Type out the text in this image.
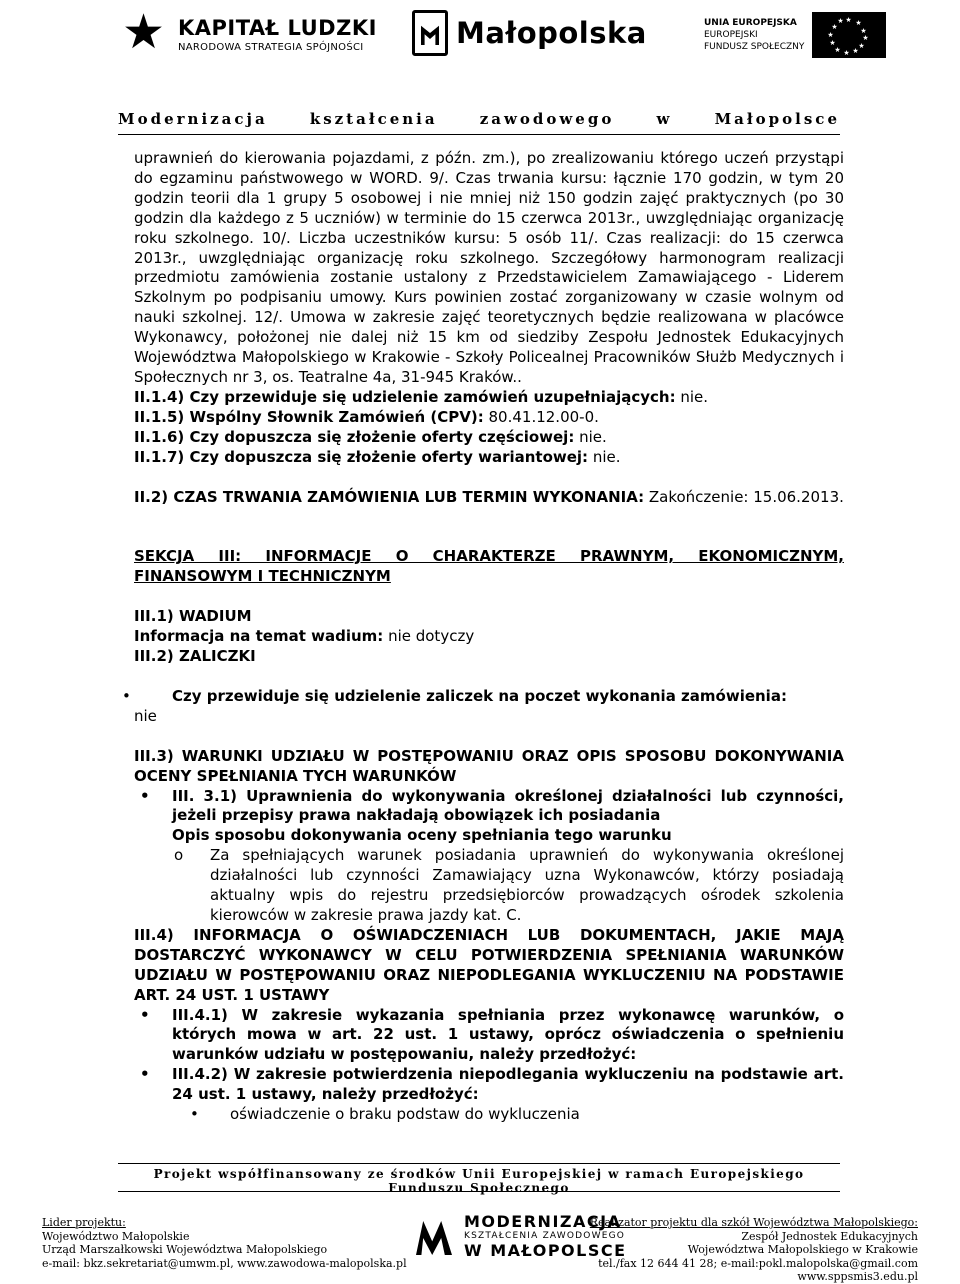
★ KAPITAŁ LUDZKI
NARODOWA STRATEGIA SPÓJNOŚCI	Małopolska	UNIA EUROPEJSKA
EUROPEJSKI
FUNDUSZ SPOŁECZNY
★ ★
★
★
★
★
★
★
★
★
★
★
Modernizacja kształcenia zawodowego w Małopolsce

uprawnień do kierowania pojazdami, z późn. zm.), po zrealizowaniu którego uczeń przystąpi do egzaminu państwowego w WORD. 9/. Czas trwania kursu: łącznie 170 godzin, w tym 20 godzin teorii dla 1 grupy 5 osobowej i nie mniej niż 150 godzin zajęć praktycznych (po 30 godzin dla każdego z 5 uczniów) w terminie do 15 czerwca 2013r., uwzględniając organizację roku szkolnego. 10/. Liczba uczestników kursu: 5 osób 11/. Czas realizacji: do 15 czerwca 2013r., uwzględniając organizację roku szkolnego. Szczegółowy harmonogram realizacji przedmiotu zamówienia zostanie ustalony z Przedstawicielem Zamawiającego - Liderem Szkolnym po podpisaniu umowy. Kurs powinien zostać zorganizowany w czasie wolnym od nauki szkolnej. 12/. Umowa w zakresie zajęć teoretycznych będzie realizowana w placówce Wykonawcy, położonej nie dalej niż 15 km od siedziby Zespołu Jednostek Edukacyjnych Województwa Małopolskiego w Krakowie - Szkoły Policealnej Pracowników Służb Medycznych i Społecznych nr 3, os. Teatralne 4a, 31-945 Kraków..

II.1.4) Czy przewiduje się udzielenie zamówień uzupełniających: nie.

II.1.5) Wspólny Słownik Zamówień (CPV): 80.41.12.00-0.

II.1.6) Czy dopuszcza się złożenie oferty częściowej: nie.

II.1.7) Czy dopuszcza się złożenie oferty wariantowej: nie.

II.2) CZAS TRWANIA ZAMÓWIENIA LUB TERMIN WYKONANIA: Zakończenie: 15.06.2013.

SEKCJA III: INFORMACJE O CHARAKTERZE PRAWNYM, EKONOMICZNYM, FINANSOWYM I TECHNICZNYM

III.1) WADIUM

Informacja na temat wadium: nie dotyczy

III.2) ZALICZKI

• Czy przewiduje się udzielenie zaliczek na poczet wykonania zamówienia:
nie

III.3) WARUNKI UDZIAŁU W POSTĘPOWANIU ORAZ OPIS SPOSOBU DOKONYWANIA OCENY SPEŁNIANIA TYCH WARUNKÓW

• III. 3.1) Uprawnienia do wykonywania określonej działalności lub czynności, jeżeli przepisy prawa nakładają obowiązek ich posiadania

Opis sposobu dokonywania oceny spełniania tego warunku

o Za spełniających warunek posiadania uprawnień do wykonywania określonej działalności lub czynności Zamawiający uzna Wykonawców, którzy posiadają aktualny wpis do rejestru przedsiębiorców prowadzących ośrodek szkolenia kierowców w zakresie prawa jazdy kat. C.

III.4) INFORMACJA O OŚWIADCZENIACH LUB DOKUMENTACH, JAKIE MAJĄ DOSTARCZYĆ WYKONAWCY W CELU POTWIERDZENIA SPEŁNIANIA WARUNKÓW UDZIAŁU W POSTĘPOWANIU ORAZ NIEPODLEGANIA WYKLUCZENIU NA PODSTAWIE ART. 24 UST. 1 USTAWY

• III.4.1) W zakresie wykazania spełniania przez wykonawcę warunków, o których mowa w art. 22 ust. 1 ustawy, oprócz oświadczenia o spełnieniu warunków udziału w postępowaniu, należy przedłożyć:

• III.4.2) W zakresie potwierdzenia niepodlegania wykluczeniu na podstawie art. 24 ust. 1 ustawy, należy przedłożyć:

• oświadczenie o braku podstaw do wykluczenia

Projekt współfinansowany ze środków Unii Europejskiej w ramach Europejskiego Funduszu Społecznego
Lider projektu:
Województwo Małopolskie
Urząd Marszałkowski Województwa Małopolskiego
e-mail: bkz.sekretariat@umwm.pl, www.zawodowa-malopolska.pl
MODERNIZACJA
KSZTAŁCENIA ZAWODOWEGO
W MAŁOPOLSCE
Realizator projektu dla szkół Województwa Małopolskiego:
Zespół Jednostek Edukacyjnych
Województwa Małopolskiego w Krakowie
tel./fax 12 644 41 28; e-mail:pokl.malopolska@gmail.com
www.sppsmis3.edu.pl
